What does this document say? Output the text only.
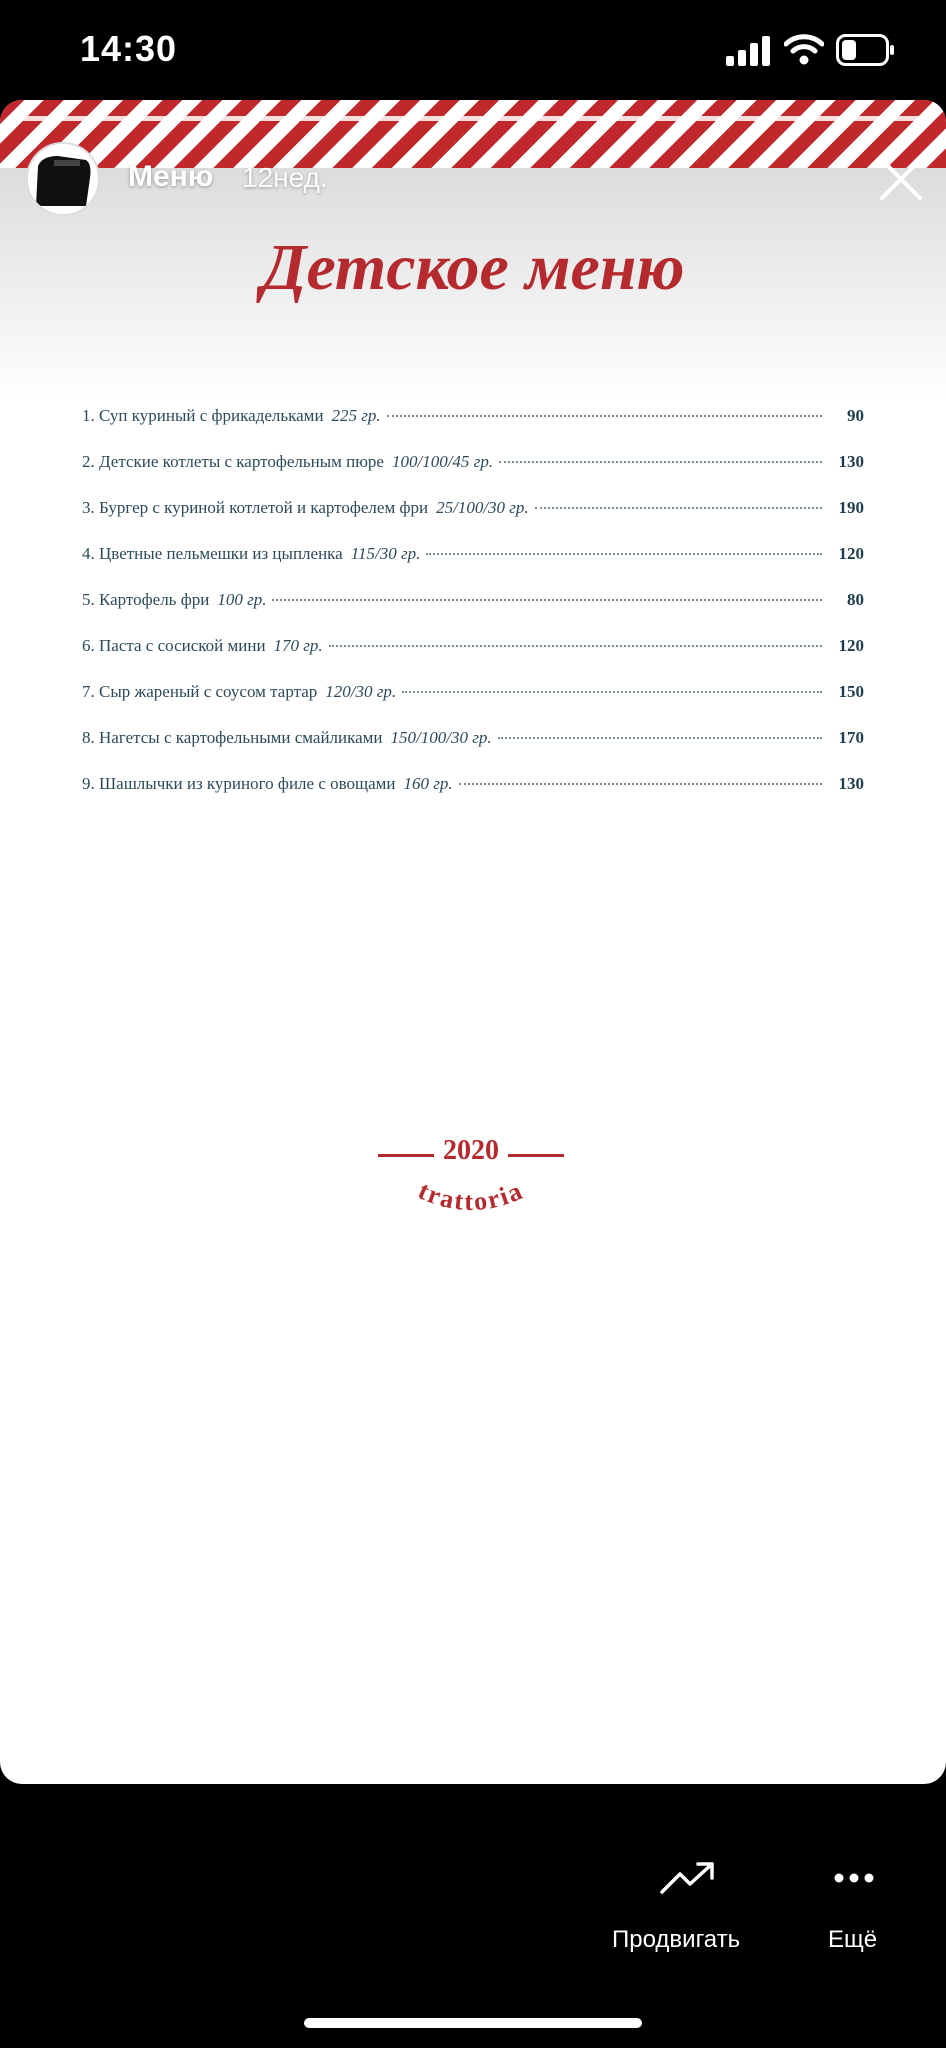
14:30
Меню 12нед.
Детское меню
1. Суп куриный с фрикадельками 225 гр.	90
2. Детские котлеты с картофельным пюре 100/100/45 гр.	130
3. Бургер с куриной котлетой и картофелем фри 25/100/30 гр.	190
4. Цветные пельмешки из цыпленка 115/30 гр.	120
5. Картофель фри 100 гр.	80
6. Паста с сосиской мини 170 гр.	120
7. Сыр жареный с соусом тартар 120/30 гр.	150
8. Нагетсы с картофельными смайликами 150/100/30 гр.	170
9. Шашлычки из куриного филе с овощами 160 гр.	130
2020
trattoria
Продвигать	Ещё
